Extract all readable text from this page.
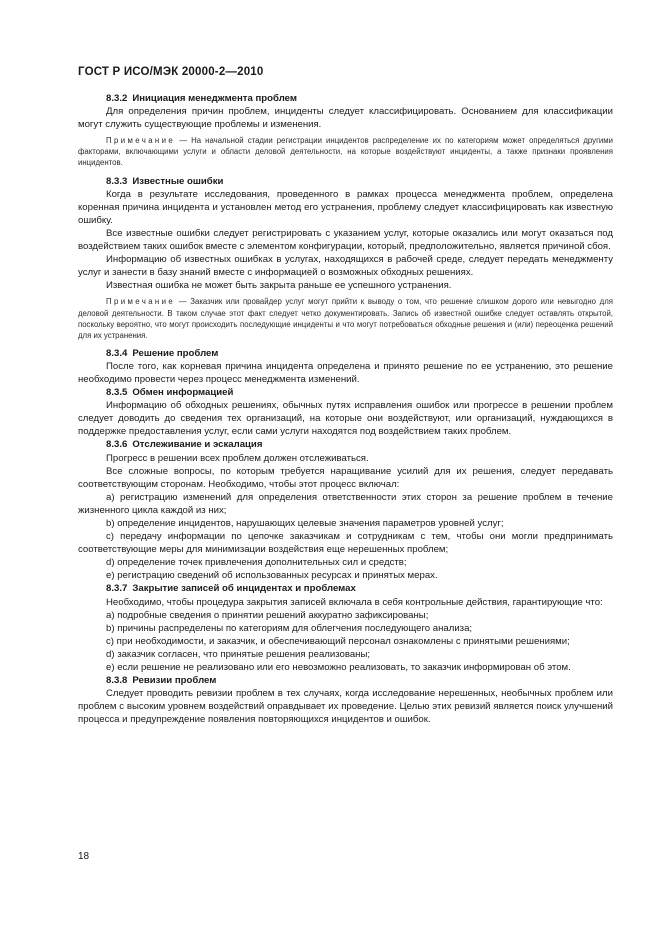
ГОСТ Р ИСО/МЭК 20000-2—2010

8.3.2 Инициация менеджмента проблем

Для определения причин проблем, инциденты следует классифицировать. Основанием для классификации могут служить существующие проблемы и изменения.

Примечание — На начальной стадии регистрации инцидентов распределение их по категориям может определяться другими факторами, включающими услуги и области деловой деятельности, на которые воздействуют инциденты, а также признаки проявления инцидентов.

8.3.3 Известные ошибки

Когда в результате исследования, проведенного в рамках процесса менеджмента проблем, определена коренная причина инцидента и установлен метод его устранения, проблему следует классифицировать как известную ошибку.

Все известные ошибки следует регистрировать с указанием услуг, которые оказались или могут оказаться под воздействием таких ошибок вместе с элементом конфигурации, который, предположительно, является причиной сбоя.

Информацию об известных ошибках в услугах, находящихся в рабочей среде, следует передать менеджменту услуг и занести в базу знаний вместе с информацией о возможных обходных решениях.

Известная ошибка не может быть закрыта раньше ее успешного устранения.

Примечание — Заказчик или провайдер услуг могут прийти к выводу о том, что решение слишком дорого или невыгодно для деловой деятельности. В таком случае этот факт следует четко документировать. Запись об известной ошибке следует оставлять открытой, поскольку вероятно, что могут происходить последующие инциденты и что могут потребоваться обходные решения и (или) переоценка решений для их устранения.

8.3.4 Решение проблем

После того, как корневая причина инцидента определена и принято решение по ее устранению, это решение необходимо провести через процесс менеджмента изменений.

8.3.5 Обмен информацией

Информацию об обходных решениях, обычных путях исправления ошибок или прогрессе в решении проблем следует доводить до сведения тех организаций, на которые они воздействуют, или организаций, нуждающихся в поддержке предоставления услуг, если сами услуги находятся под воздействием таких проблем.

8.3.6 Отслеживание и эскалация

Прогресс в решении всех проблем должен отслеживаться.

Все сложные вопросы, по которым требуется наращивание усилий для их решения, следует передавать соответствующим сторонам. Необходимо, чтобы этот процесс включал:

а) регистрацию изменений для определения ответственности этих сторон за решение проблем в течение жизненного цикла каждой из них;

b) определение инцидентов, нарушающих целевые значения параметров уровней услуг;

с) передачу информации по цепочке заказчикам и сотрудникам с тем, чтобы они могли предпринимать соответствующие меры для минимизации воздействия еще нерешенных проблем;

d) определение точек привлечения дополнительных сил и средств;

е) регистрацию сведений об использованных ресурсах и принятых мерах.

8.3.7 Закрытие записей об инцидентах и проблемах

Необходимо, чтобы процедура закрытия записей включала в себя контрольные действия, гарантирующие что:

а) подробные сведения о принятии решений аккуратно зафиксированы;

b) причины распределены по категориям для облегчения последующего анализа;

с) при необходимости, и заказчик, и обеспечивающий персонал ознакомлены с принятыми решениями;

d) заказчик согласен, что принятые решения реализованы;

е) если решение не реализовано или его невозможно реализовать, то заказчик информирован об этом.

8.3.8 Ревизии проблем

Следует проводить ревизии проблем в тех случаях, когда исследование нерешенных, необычных проблем или проблем с высоким уровнем воздействий оправдывает их проведение. Целью этих ревизий является поиск улучшений процесса и предупреждение появления повторяющихся инцидентов и ошибок.

18
